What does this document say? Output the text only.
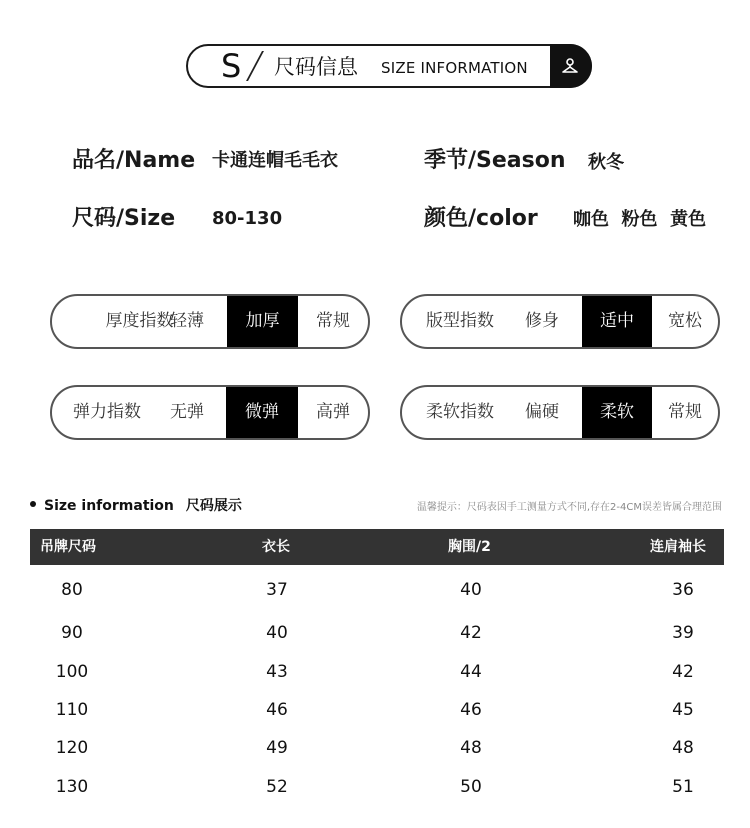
S 尺码信息 SIZE INFORMATION
品名/Name 卡通连帽毛毛衣	季节/Season 秋冬
尺码/Size 80-130	颜色/color 咖色  粉色  黄色
厚度指数
轻薄	加厚	常规	版型指数	修身	适中	宽松
弹力指数	无弹	微弹	高弹	柔软指数	偏硬	柔软	常规
Size information 尺码展示	温馨提示：尺码表因手工测量方式不同,存在2-4CM误差皆属合理范围
吊牌尺码	衣长	胸围/2	连肩袖长
80	37	40	36
90	40	42	39
100	43	44	42
110	46	46	45
120	49	48	48
130	52	50	51
